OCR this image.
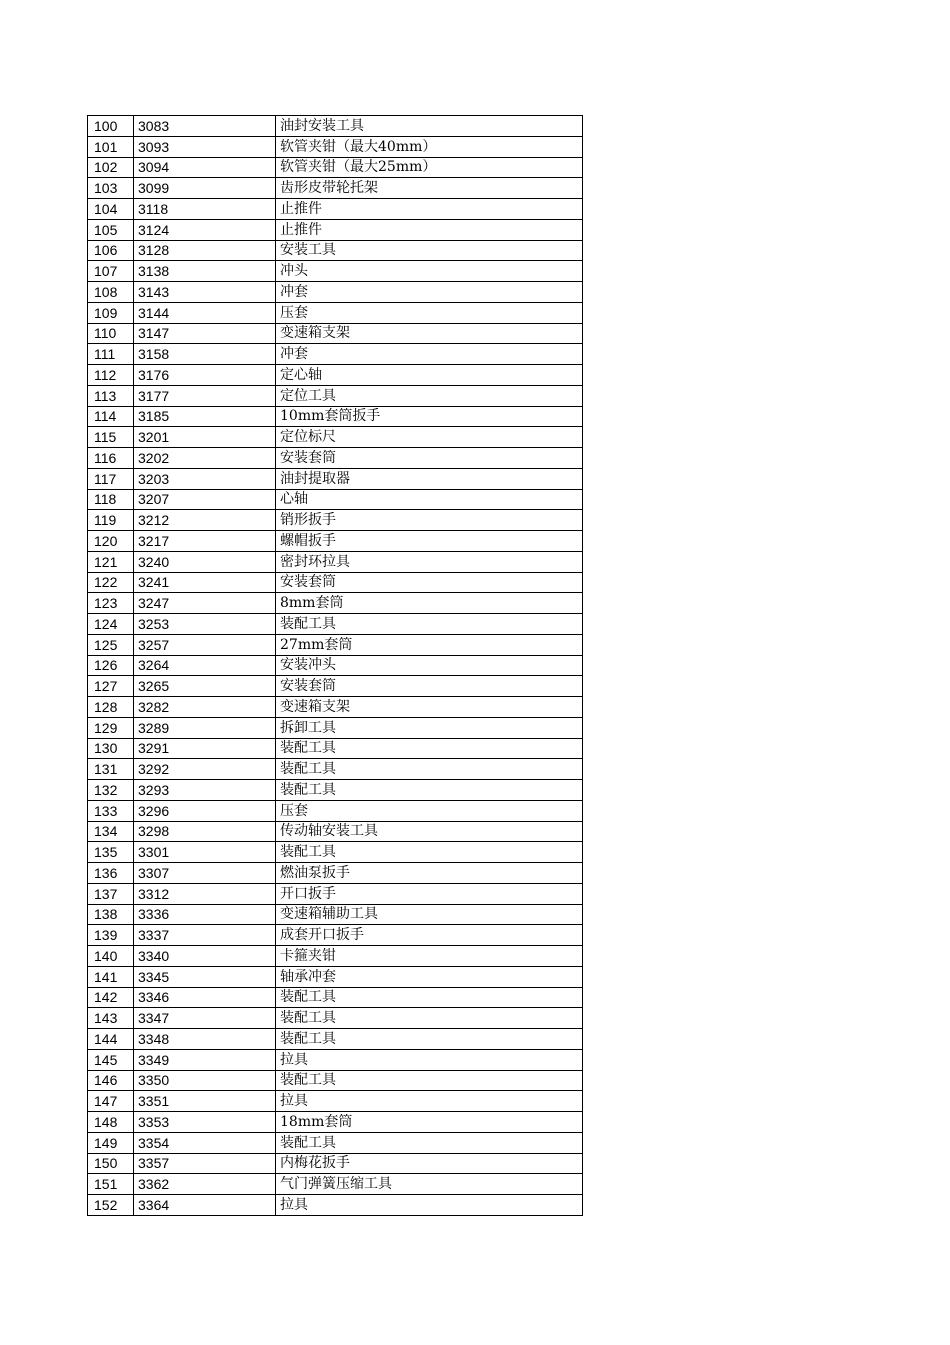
100	3083	油封安装工具
101	3093	软管夹钳（最大40mm）
102	3094	软管夹钳（最大25mm）
103	3099	齿形皮带轮托架
104	3118	止推件
105	3124	止推件
106	3128	安装工具
107	3138	冲头
108	3143	冲套
109	3144	压套
110	3147	变速箱支架
111	3158	冲套
112	3176	定心轴
113	3177	定位工具
114	3185	10mm套筒扳手
115	3201	定位标尺
116	3202	安装套筒
117	3203	油封提取器
118	3207	心轴
119	3212	销形扳手
120	3217	螺帽扳手
121	3240	密封环拉具
122	3241	安装套筒
123	3247	8mm套筒
124	3253	装配工具
125	3257	27mm套筒
126	3264	安装冲头
127	3265	安装套筒
128	3282	变速箱支架
129	3289	拆卸工具
130	3291	装配工具
131	3292	装配工具
132	3293	装配工具
133	3296	压套
134	3298	传动轴安装工具
135	3301	装配工具
136	3307	燃油泵扳手
137	3312	开口扳手
138	3336	变速箱辅助工具
139	3337	成套开口扳手
140	3340	卡箍夹钳
141	3345	轴承冲套
142	3346	装配工具
143	3347	装配工具
144	3348	装配工具
145	3349	拉具
146	3350	装配工具
147	3351	拉具
148	3353	18mm套筒
149	3354	装配工具
150	3357	内梅花扳手
151	3362	气门弹簧压缩工具
152	3364	拉具
